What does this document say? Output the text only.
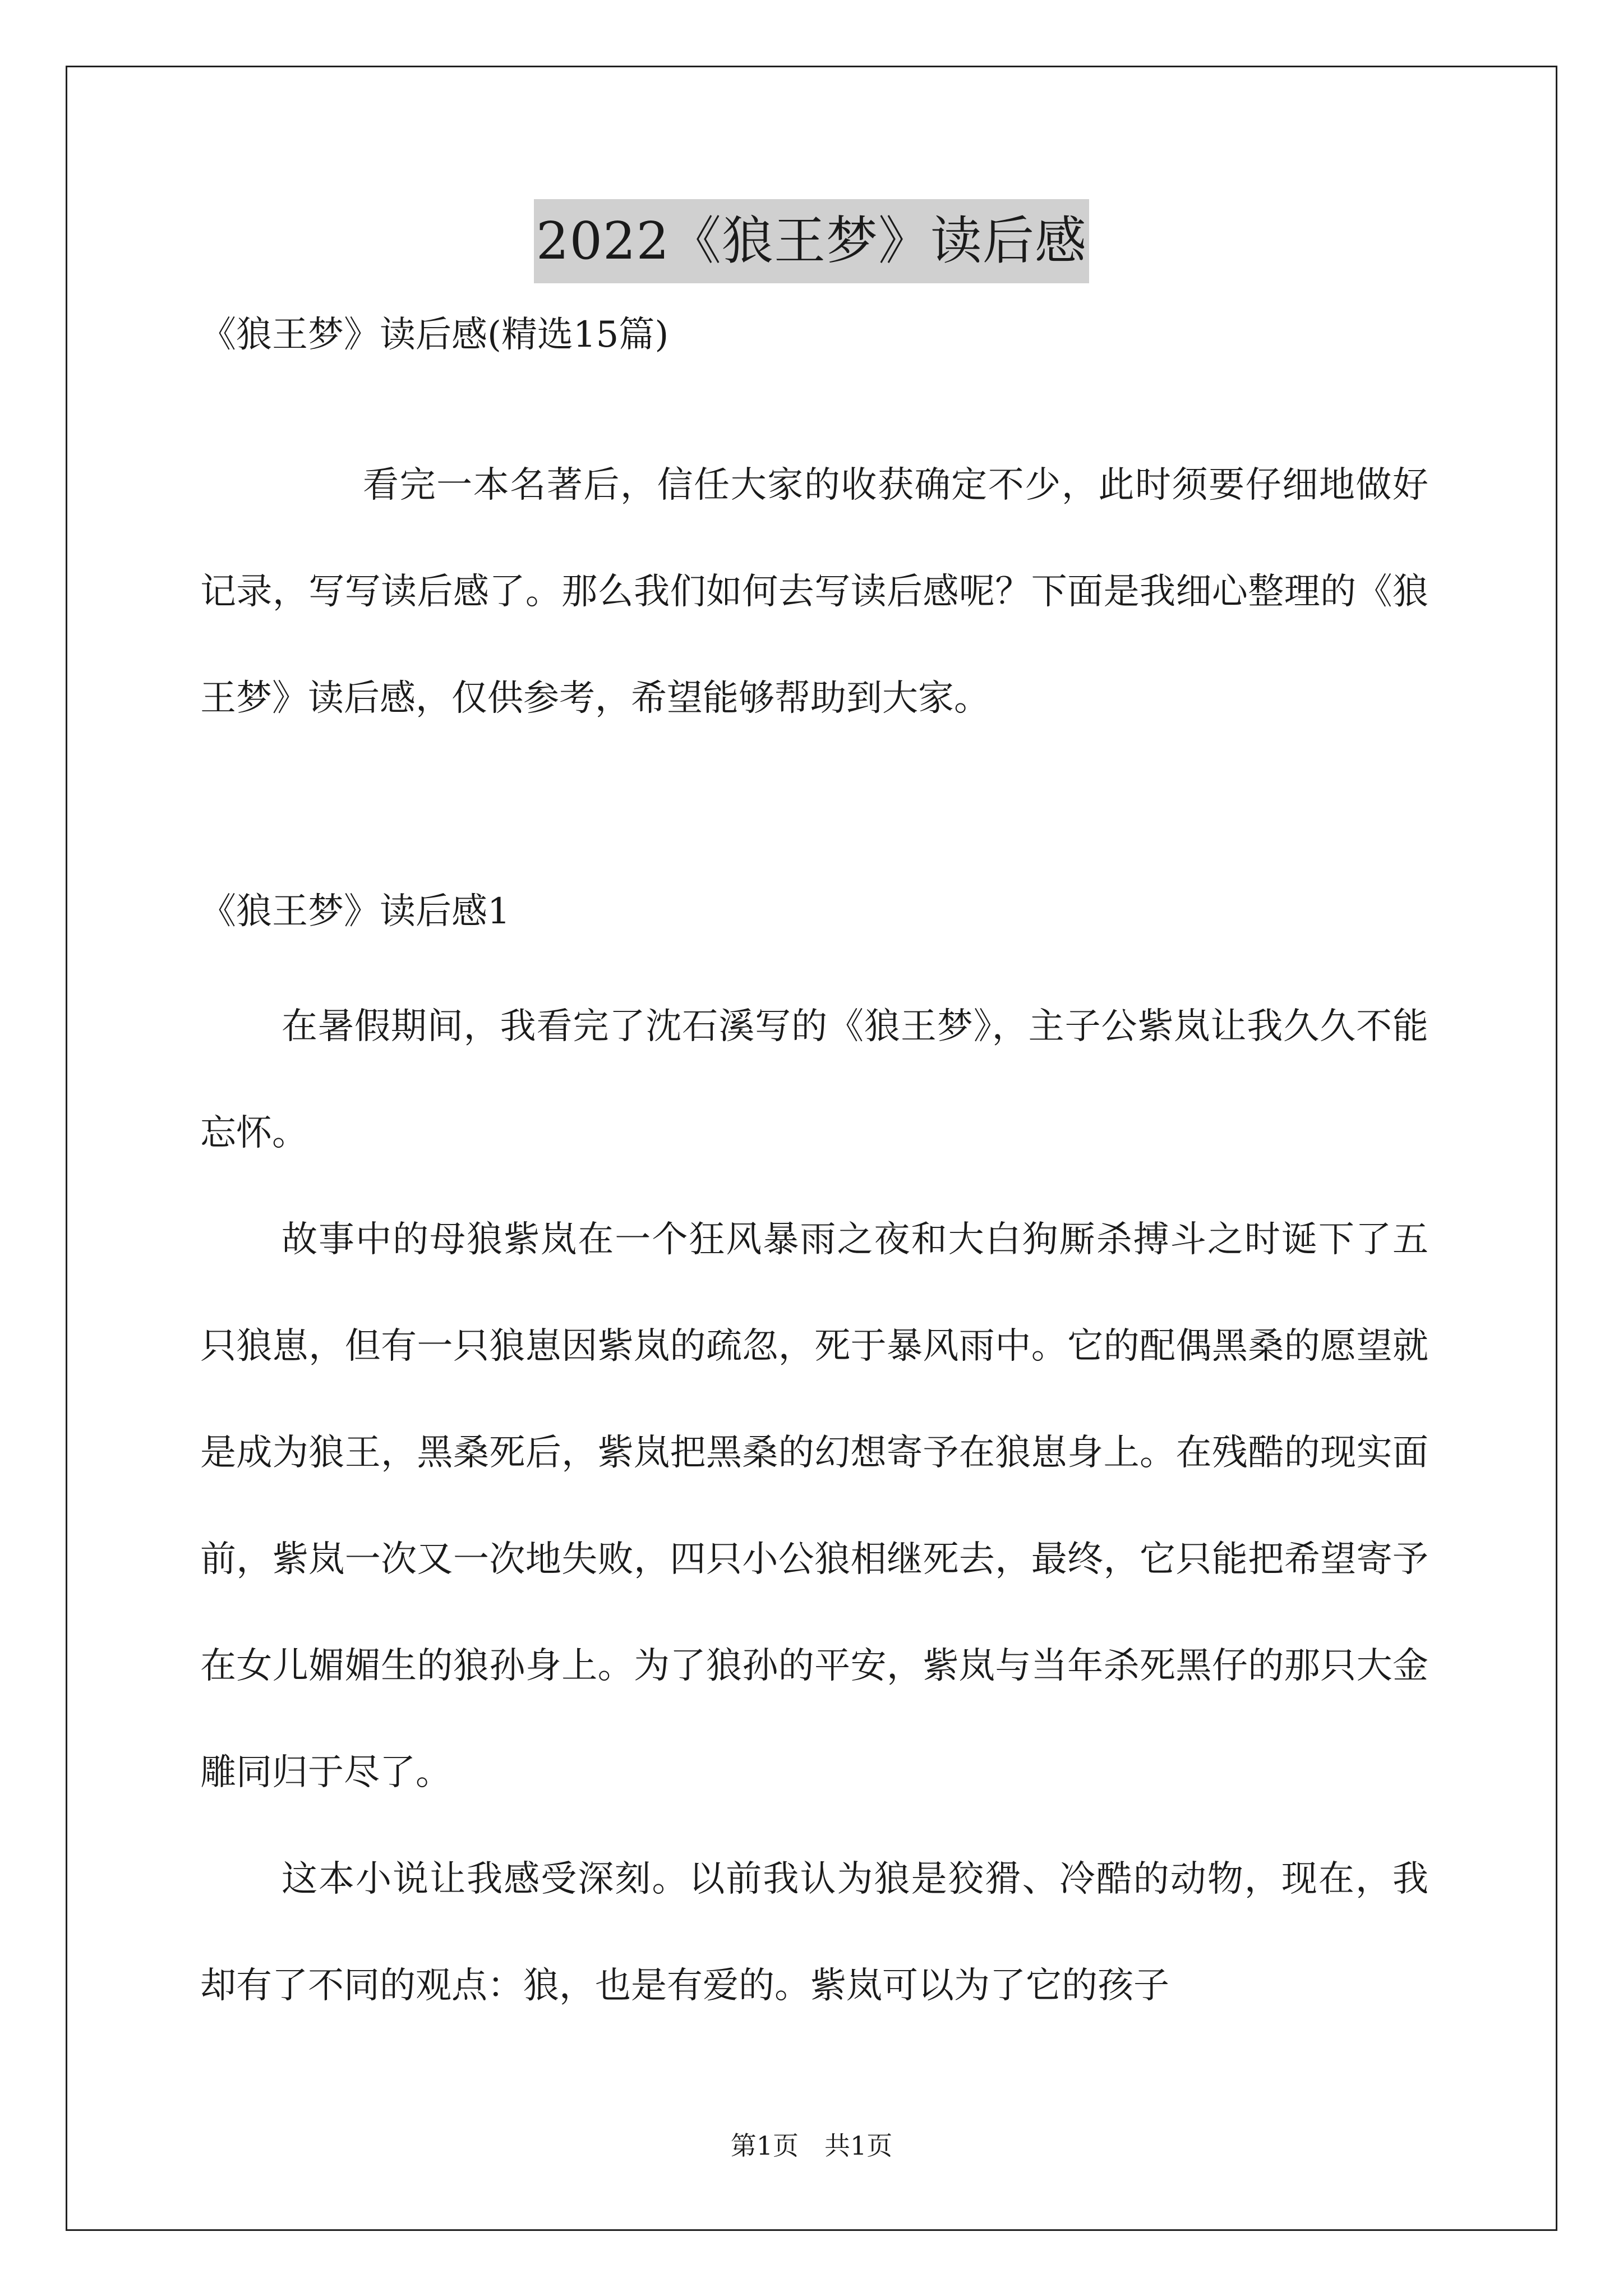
2022《狼王梦》读后感
《狼王梦》读后感(精选15篇)
看完一本名著后，信任大家的收获确定不少，此时须要仔细地做好记录，写写读后感了。那么我们如何去写读后感呢？下面是我细心整理的《狼王梦》读后感，仅供参考，希望能够帮助到大家。
《狼王梦》读后感1
在暑假期间，我看完了沈石溪写的《狼王梦》，主子公紫岚让我久久不能忘怀。
故事中的母狼紫岚在一个狂风暴雨之夜和大白狗厮杀搏斗之时诞下了五只狼崽，但有一只狼崽因紫岚的疏忽，死于暴风雨中。它的配偶黑桑的愿望就是成为狼王，黑桑死后，紫岚把黑桑的幻想寄予在狼崽身上。在残酷的现实面前，紫岚一次又一次地失败，四只小公狼相继死去，最终，它只能把希望寄予在女儿媚媚生的狼孙身上。为了狼孙的平安，紫岚与当年杀死黑仔的那只大金雕同归于尽了。
这本小说让我感受深刻。以前我认为狼是狡猾、冷酷的动物，现在，我却有了不同的观点：狼，也是有爱的。紫岚可以为了它的孩子
第1页　共1页
